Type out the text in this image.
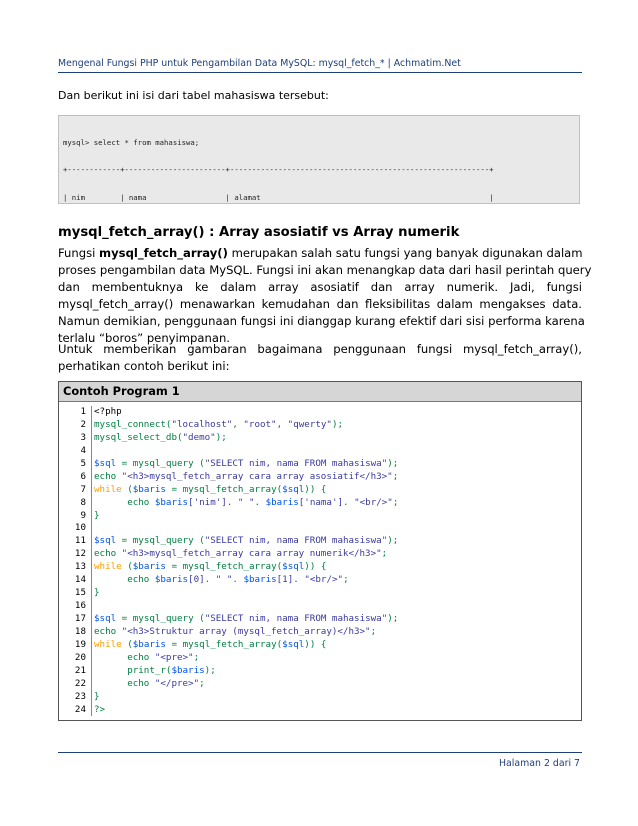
Mengenal Fungsi PHP untuk Pengambilan Data MySQL: mysql_fetch_* | Achmatim.Net
Dan berikut ini isi dari tabel mahasiswa tersebut:

mysql> select * from mahasiswa;

+------------+-----------------------+-----------------------------------------------------------+

| nim        | nama                  | alamat                                                    |

mysql_fetch_array() : Array asosiatif vs Array numerik
Fungsi mysql_fetch_array() merupakan salah satu fungsi yang banyak digunakan dalam
proses pengambilan data MySQL. Fungsi ini akan menangkap data dari hasil perintah query
dan membentuknya ke dalam array asosiatif dan array numerik. Jadi, fungsi
mysql_fetch_array() menawarkan kemudahan dan fleksibilitas dalam mengakses data.
Namun demikian, penggunaan fungsi ini dianggap kurang efektif dari sisi performa karena
terlalu “boros” penyimpanan.
Untuk memberikan gambaran bagaimana penggunaan fungsi mysql_fetch_array(),
perhatikan contoh berikut ini:
Contoh Program 1
1
2
3
4
5
6
7
8
9
10
11
12
13
14
15
16
17
18
19
20
21
22
23
24
<?php
mysql_connect("localhost", "root", "qwerty");
mysql_select_db("demo");
$sql = mysql_query ("SELECT nim, nama FROM mahasiswa");
echo "<h3>mysql_fetch_array cara array asosiatif</h3>";
while ($baris = mysql_fetch_array($sql)) {
echo $baris['nim']. " ". $baris['nama']. "<br/>";
}
$sql = mysql_query ("SELECT nim, nama FROM mahasiswa");
echo "<h3>mysql_fetch_array cara array numerik</h3>";
while ($baris = mysql_fetch_array($sql)) {
echo $baris[0]. " ". $baris[1]. "<br/>";
}
$sql = mysql_query ("SELECT nim, nama FROM mahasiswa");
echo "<h3>Struktur array (mysql_fetch_array)</h3>";
while ($baris = mysql_fetch_array($sql)) {
echo "<pre>";
print_r($baris);
echo "</pre>";
}
?>
Halaman 2 dari 7
